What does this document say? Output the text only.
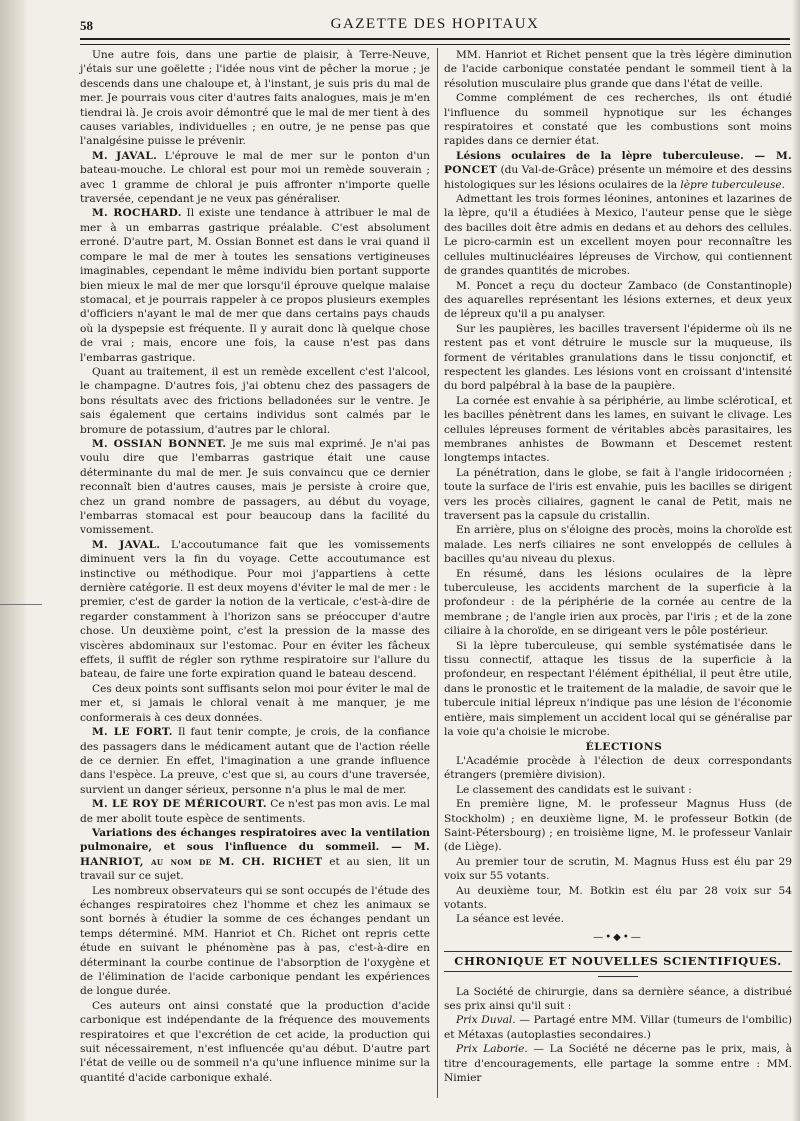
58	GAZETTE DES HOPITAUX

Une autre fois, dans une partie de plaisir, à Terre-Neuve, j'étais sur une goëlette ; l'idée nous vint de pêcher la morue ; je descends dans une chaloupe et, à l'instant, je suis pris du mal de mer. Je pourrais vous citer d'autres faits analogues, mais je m'en tiendrai là. Je crois avoir démontré que le mal de mer tient à des causes variables, individuelles ; en outre, je ne pense pas que l'analgésine puisse le prévenir.

M. JAVAL. L'éprouve le mal de mer sur le ponton d'un bateau-mouche. Le chloral est pour moi un remède souverain ; avec 1 gramme de chloral je puis affronter n'importe quelle traversée, cependant je ne veux pas généraliser.

M. ROCHARD. Il existe une tendance à attribuer le mal de mer à un embarras gastrique préalable. C'est absolument erroné. D'autre part, M. Ossian Bonnet est dans le vrai quand il compare le mal de mer à toutes les sensations vertigineuses imaginables, cependant le même individu bien portant supporte bien mieux le mal de mer que lorsqu'il éprouve quelque malaise stomacal, et je pourrais rappeler à ce propos plusieurs exemples d'officiers n'ayant le mal de mer que dans certains pays chauds où la dyspepsie est fréquente. Il y aurait donc là quelque chose de vrai ; mais, encore une fois, la cause n'est pas dans l'embarras gastrique.

Quant au traitement, il est un remède excellent c'est l'alcool, le champagne. D'autres fois, j'ai obtenu chez des passagers de bons résultats avec des frictions belladonées sur le ventre. Je sais également que certains individus sont calmés par le bromure de potassium, d'autres par le chloral.

M. OSSIAN BONNET. Je me suis mal exprimé. Je n'ai pas voulu dire que l'embarras gastrique était une cause déterminante du mal de mer. Je suis convaincu que ce dernier reconnaît bien d'autres causes, mais je persiste à croire que, chez un grand nombre de passagers, au début du voyage, l'embarras stomacal est pour beaucoup dans la facilité du vomissement.

M. JAVAL. L'accoutumance fait que les vomissements diminuent vers la fin du voyage. Cette accoutumance est instinctive ou méthodique. Pour moi j'appartiens à cette dernière catégorie. Il est deux moyens d'éviter le mal de mer : le premier, c'est de garder la notion de la verticale, c'est-à-dire de regarder constamment à l'horizon sans se préoccuper d'autre chose. Un deuxième point, c'est la pression de la masse des viscères abdominaux sur l'estomac. Pour en éviter les fâcheux effets, il suffit de régler son rythme respiratoire sur l'allure du bateau, de faire une forte expiration quand le bateau descend.

Ces deux points sont suffisants selon moi pour éviter le mal de mer et, si jamais le chloral venait à me manquer, je me conformerais à ces deux données.

M. LE FORT. Il faut tenir compte, je crois, de la confiance des passagers dans le médicament autant que de l'action réelle de ce dernier. En effet, l'imagination a une grande influence dans l'espèce. La preuve, c'est que si, au cours d'une traversée, survient un danger sérieux, personne n'a plus le mal de mer.

M. LE ROY DE MÉRICOURT. Ce n'est pas mon avis. Le mal de mer abolit toute espèce de sentiments.

Variations des échanges respiratoires avec la ventilation pulmonaire, et sous l'influence du sommeil. — M. HANRIOT, au nom de M. CH. RICHET et au sien, lit un travail sur ce sujet.

Les nombreux observateurs qui se sont occupés de l'étude des échanges respiratoires chez l'homme et chez les animaux se sont bornés à étudier la somme de ces échanges pendant un temps déterminé. MM. Hanriot et Ch. Richet ont repris cette étude en suivant le phénomène pas à pas, c'est-à-dire en déterminant la courbe continue de l'absorption de l'oxygène et de l'élimination de l'acide carbonique pendant les expériences de longue durée.

Ces auteurs ont ainsi constaté que la production d'acide carbonique est indépendante de la fréquence des mouvements respiratoires et que l'excrétion de cet acide, la production qui suit nécessairement, n'est influencée qu'au début. D'autre part l'état de veille ou de sommeil n'a qu'une influence minime sur la quantité d'acide carbonique exhalé.

MM. Hanriot et Richet pensent que la très légère diminution de l'acide carbonique constatée pendant le sommeil tient à la résolution musculaire plus grande que dans l'état de veille.

Comme complément de ces recherches, ils ont étudié l'influence du sommeil hypnotique sur les échanges respiratoires et constaté que les combustions sont moins rapides dans ce dernier état.

Lésions oculaires de la lèpre tuberculeuse. — M. PONCET (du Val-de-Grâce) présente un mémoire et des dessins histologiques sur les lésions oculaires de la lèpre tuberculeuse.

Admettant les trois formes léonines, antonines et lazarines de la lèpre, qu'il a étudiées à Mexico, l'auteur pense que le siège des bacilles doit être admis en dedans et au dehors des cellules. Le picro-carmin est un excellent moyen pour reconnaître les cellules multinucléaires lépreuses de Virchow, qui contiennent de grandes quantités de microbes.

M. Poncet a reçu du docteur Zambaco (de Constantinople) des aquarelles représentant les lésions externes, et deux yeux de lépreux qu'il a pu analyser.

Sur les paupières, les bacilles traversent l'épiderme où ils ne restent pas et vont détruire le muscle sur la muqueuse, ils forment de véritables granulations dans le tissu conjonctif, et respectent les glandes. Les lésions vont en croissant d'intensité du bord palpébral à la base de la paupière.

La cornée est envahie à sa périphérie, au limbe scléroticaI, et les bacilles pénètrent dans les lames, en suivant le clivage. Les cellules lépreuses forment de véritables abcès parasitaires, les membranes anhistes de Bowmann et Descemet restent longtemps intactes.

La pénétration, dans le globe, se fait à l'angle iridocornéen ; toute la surface de l'iris est envahie, puis les bacilles se dirigent vers les procès ciliaires, gagnent le canal de Petit, mais ne traversent pas la capsule du cristallin.

En arrière, plus on s'éloigne des procès, moins la choroïde est malade. Les nerfs ciliaires ne sont enveloppés de cellules à bacilles qu'au niveau du plexus.

En résumé, dans les lésions oculaires de la lèpre tuberculeuse, les accidents marchent de la superficie à la profondeur : de la périphérie de la cornée au centre de la membrane ; de l'angle irien aux procès, par l'iris ; et de la zone ciliaire à la choroïde, en se dirigeant vers le pôle postérieur.

Si la lèpre tuberculeuse, qui semble systématisée dans le tissu connectif, attaque les tissus de la superficie à la profondeur, en respectant l'élément épithélial, il peut être utile, dans le pronostic et le traitement de la maladie, de savoir que le tubercule initial lépreux n'indique pas une lésion de l'économie entière, mais simplement un accident local qui se généralise par la voie qu'a choisie le microbe.

ÉLECTIONS

L'Académie procède à l'élection de deux correspondants étrangers (première division).

Le classement des candidats est le suivant :

En première ligne, M. le professeur Magnus Huss (de Stockholm) ; en deuxième ligne, M. le professeur Botkin (de Saint-Pétersbourg) ; en troisième ligne, M. le professeur Vanlair (de Liège).

Au premier tour de scrutin, M. Magnus Huss est élu par 29 voix sur 55 votants.

Au deuxième tour, M. Botkin est élu par 28 voix sur 54 votants.

La séance est levée.

—•◆•—
CHRONIQUE ET NOUVELLES SCIENTIFIQUES.

La Société de chirurgie, dans sa dernière séance, a distribué ses prix ainsi qu'il suit :

Prix Duval. — Partagé entre MM. Villar (tumeurs de l'ombilic) et Métaxas (autoplasties secondaires.)

Prix Laborie. — La Société ne décerne pas le prix, mais, à titre d'encouragements, elle partage la somme entre : MM. Nimier
